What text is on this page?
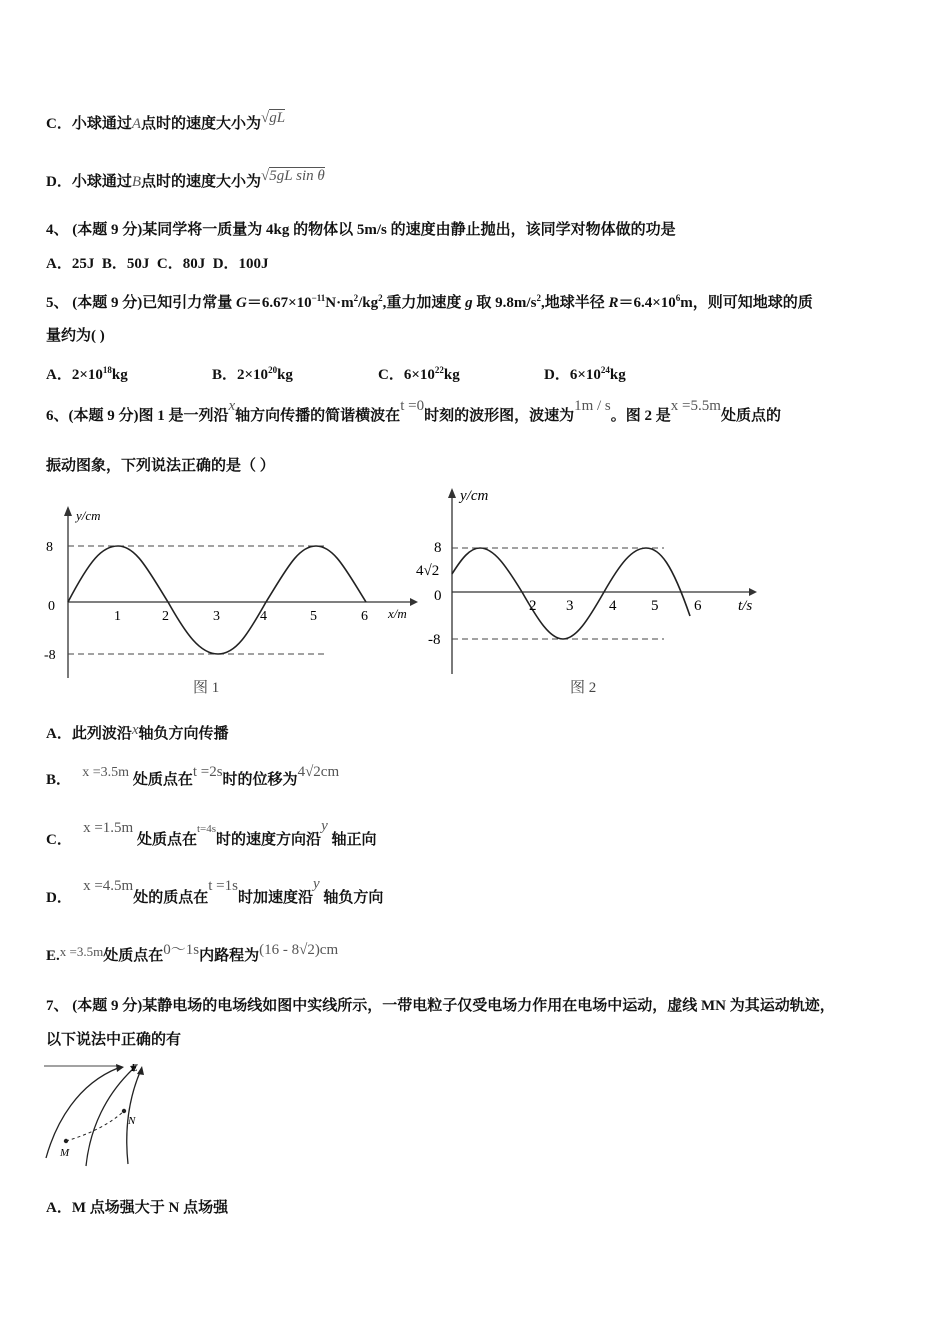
C．小球通过A点时的速度大小为√gL
D．小球通过B点时的速度大小为√5gL sin θ
4、 (本题 9 分)某同学将一质量为 4kg 的物体以 5m/s 的速度由静止抛出，该同学对物体做的功是
A．25J B．50J C．80J D．100J
5、 (本题 9 分)已知引力常量 $G=6.67\times 10^{-11}N\cdot m^2/kg^2$,重力加速度 g 取 $9.8m/s^2$,地球半径 $R=6.4\times 10^6m$，则可知地球的质
量约为( )
A．$2\times 10^{18}kg$	B．$2\times 10^{20}kg$	C．$6\times 10^{22}kg$	D．$6\times 10^{24}kg$
6、(本题 9 分)图 1 是一列沿x轴方向传播的简谐横波在t =0时刻的波形图，波速为1m / s。图 2 是x =5.5m处质点的
振动图象，下列说法正确的是（ ）
y/cm
x/m
8
0
-8
1	2	3	4	5	6
图 1
y/cm
t/s
8
4√2
0
-8
2 3 4 5 6
图 2
A．此列波沿x轴负方向传播
B． x =3.5m 处质点在t =2s时的位移为4√2cm
C．   x =1.5m 处质点在$^{t=4s}$时的速度方向沿y 轴正向
D．   x =4.5m处的质点在t =1s时加速度沿y 轴负方向
E.x =3.5m处质点在0～1s内路程为(16 - 8√2)cm
7、 (本题 9 分)某静电场的电场线如图中实线所示，一带电粒子仅受电场力作用在电场中运动，虚线 MN 为其运动轨迹，
以下说法中正确的有
E
M
N
A．M 点场强大于 N 点场强
